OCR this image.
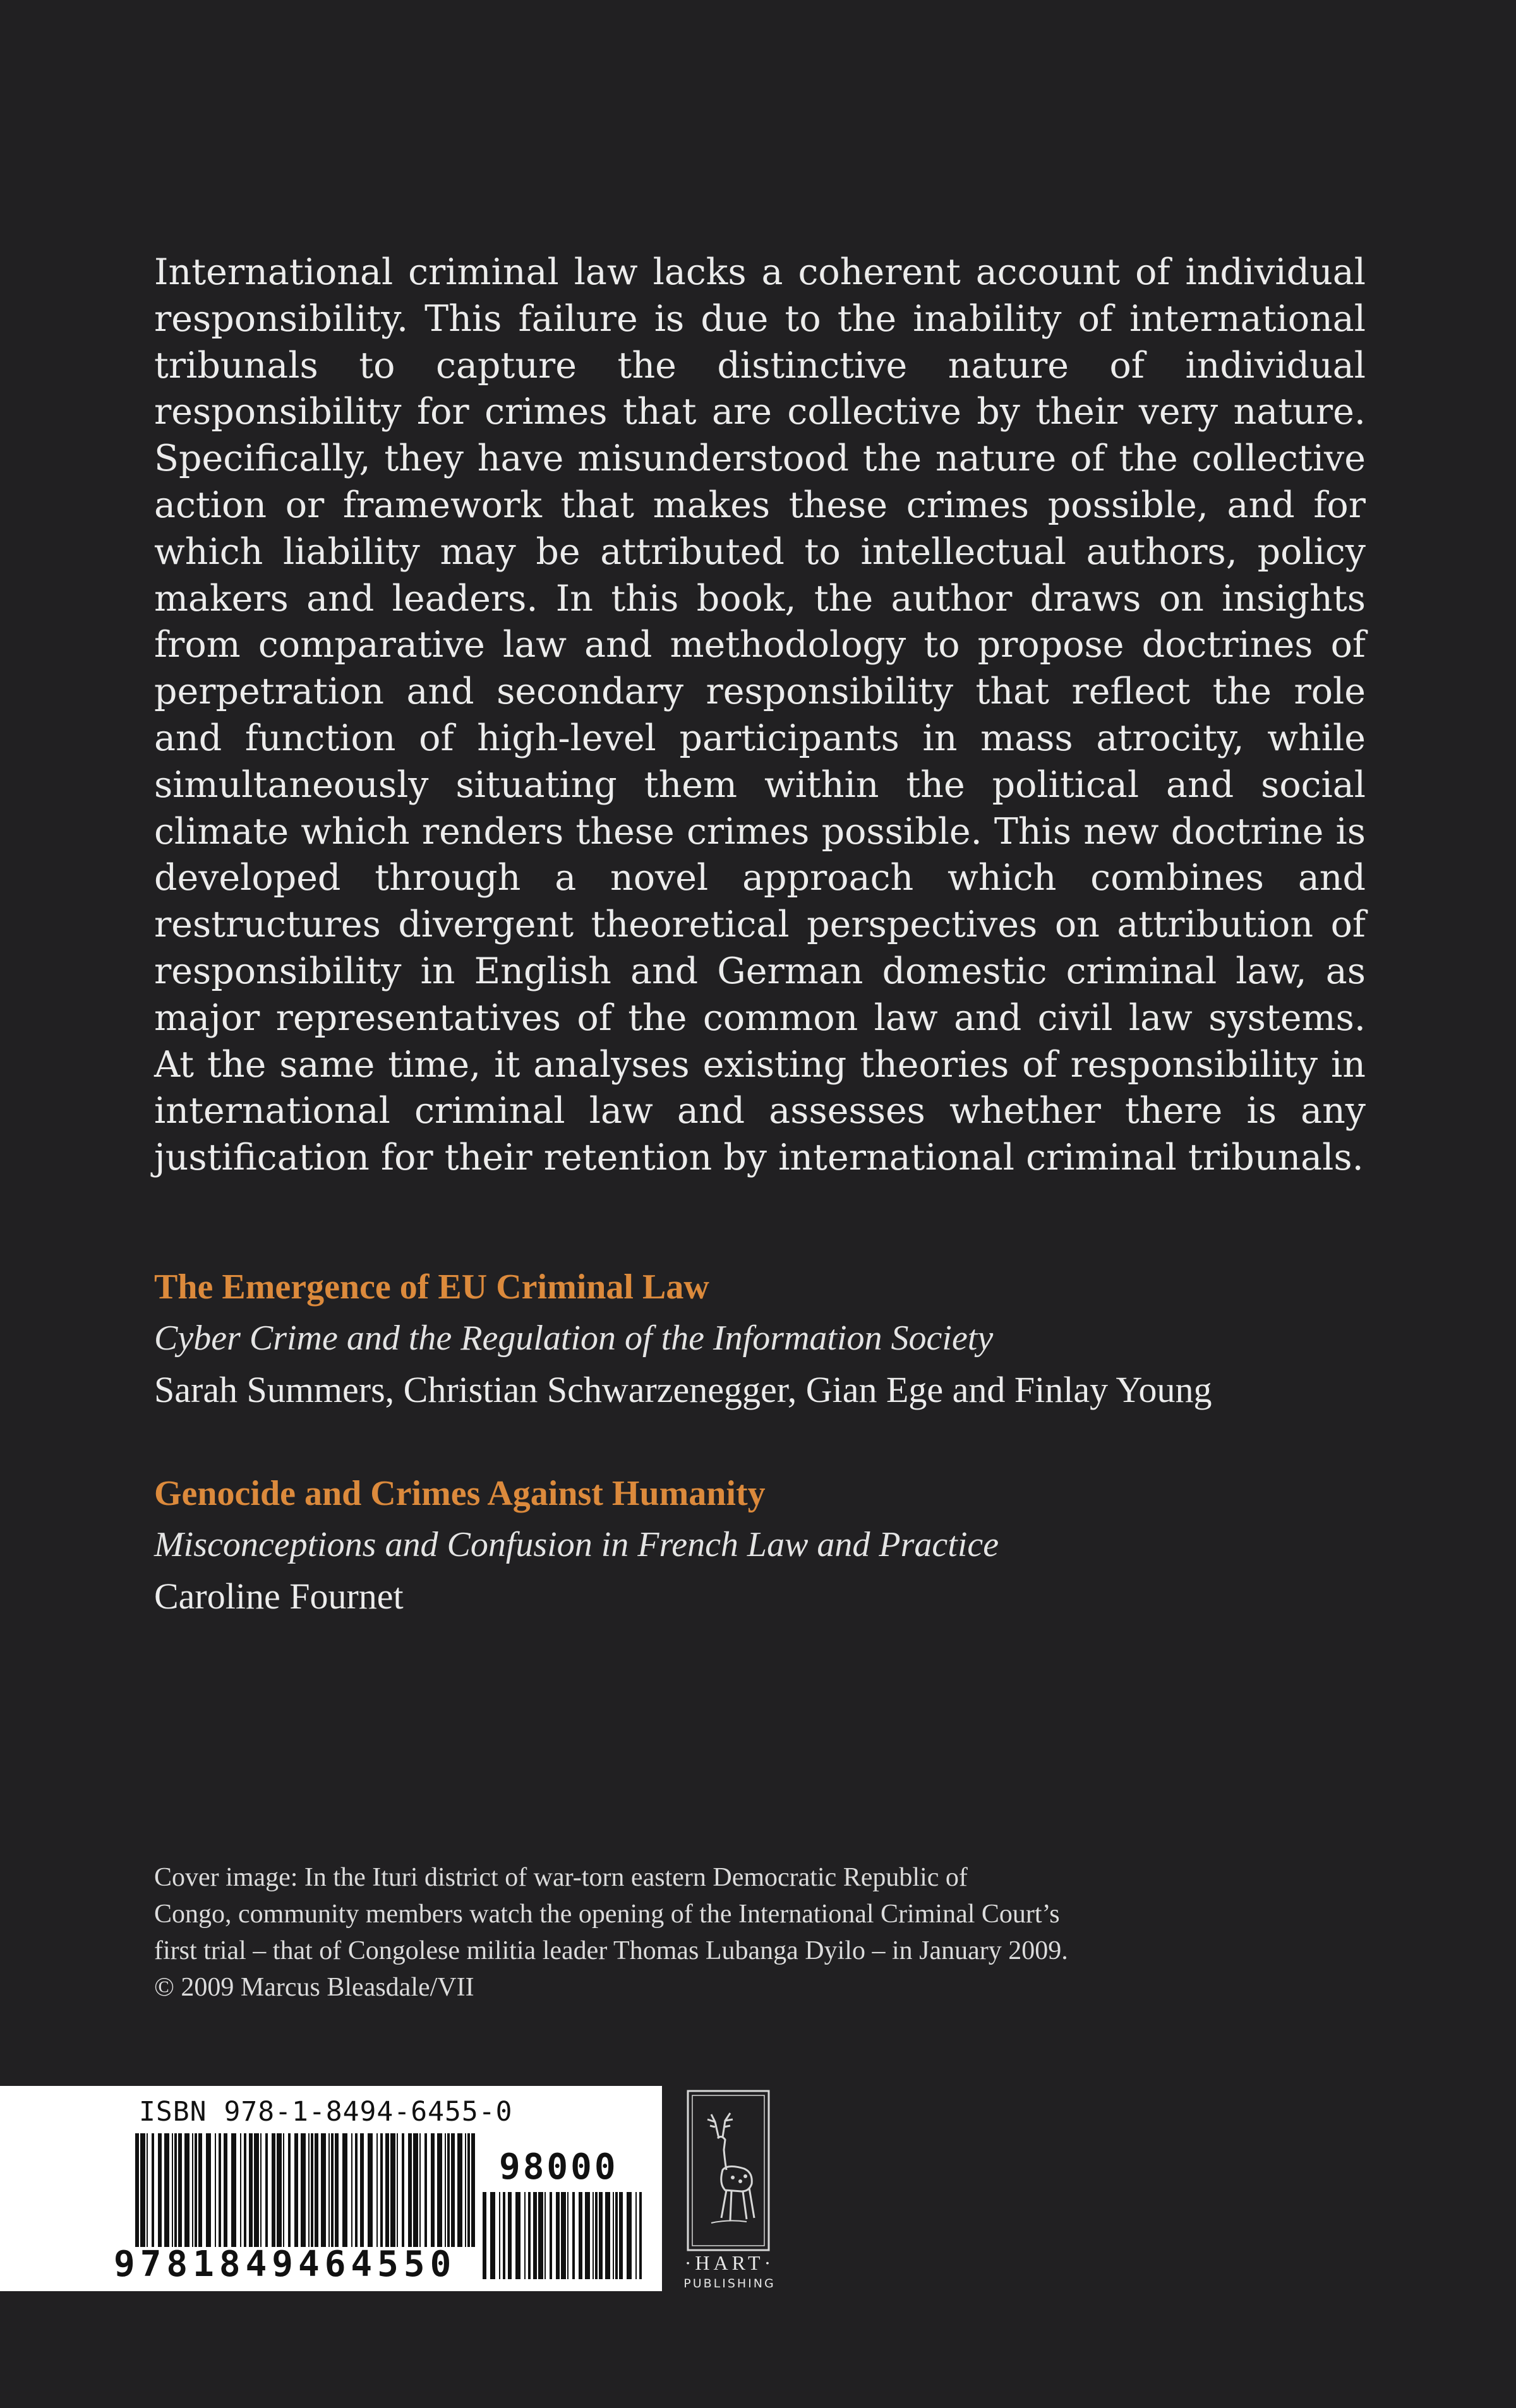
International criminal law lacks a coherent account of individual responsibility. This failure is due to the inability of international tribunals to capture the distinctive nature of individual responsibility for crimes that are collective by their very nature. Specifically, they have misunderstood the nature of the collective action or framework that makes these crimes possible, and for which liability may be attributed to intellectual authors, policy makers and leaders. In this book, the author draws on insights from comparative law and methodology to propose doctrines of perpetration and secondary responsibility that reflect the role and function of high-level participants in mass atrocity, while simultaneously situating them within the political and social climate which renders these crimes possible. This new doctrine is developed through a novel approach which combines and restructures divergent theoretical perspectives on attribution of responsibility in English and German domestic criminal law, as major representatives of the common law and civil law systems. At the same time, it analyses existing theories of responsibility in international criminal law and assesses whether there is any justification for their retention by international criminal tribunals.

The Emergence of EU Criminal Law
Cyber Crime and the Regulation of the Information Society
Sarah Summers, Christian Schwarzenegger, Gian Ege and Finlay Young
Genocide and Crimes Against Humanity
Misconceptions and Confusion in French Law and Practice
Caroline Fournet
Cover image: In the Ituri district of war-torn eastern Democratic Republic of
Congo, community members watch the opening of the International Criminal Court’s
first trial – that of Congolese militia leader Thomas Lubanga Dyilo – in January 2009.
© 2009 Marcus Bleasdale/VII
ISBN 978-1-8494-6455-0
98000
9781849464550	·HART·
PUBLISHING
